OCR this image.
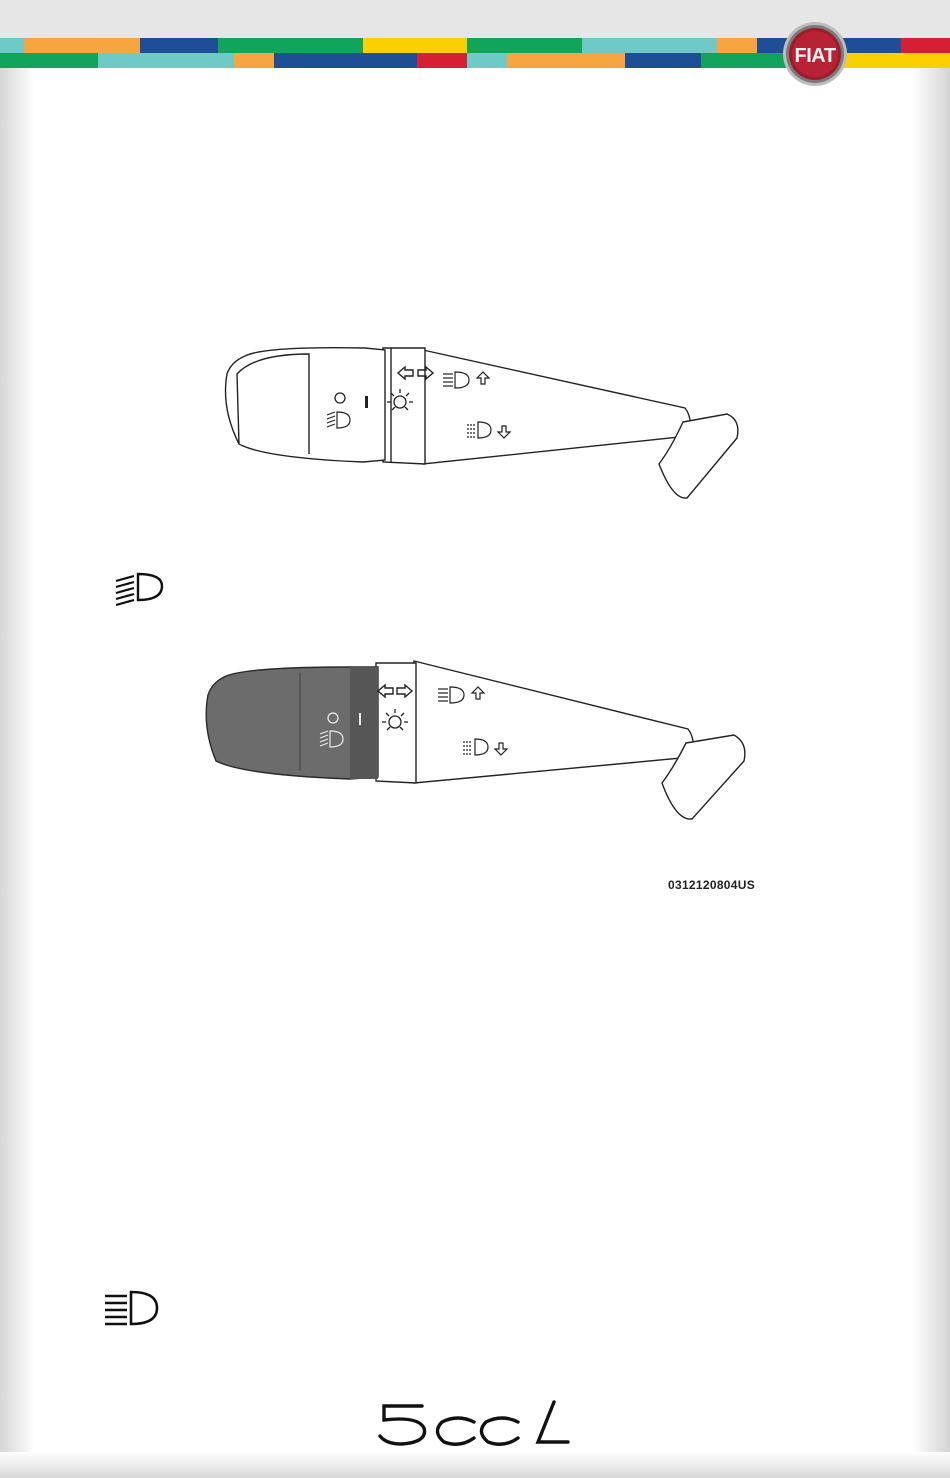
FIAT
0312120804US
